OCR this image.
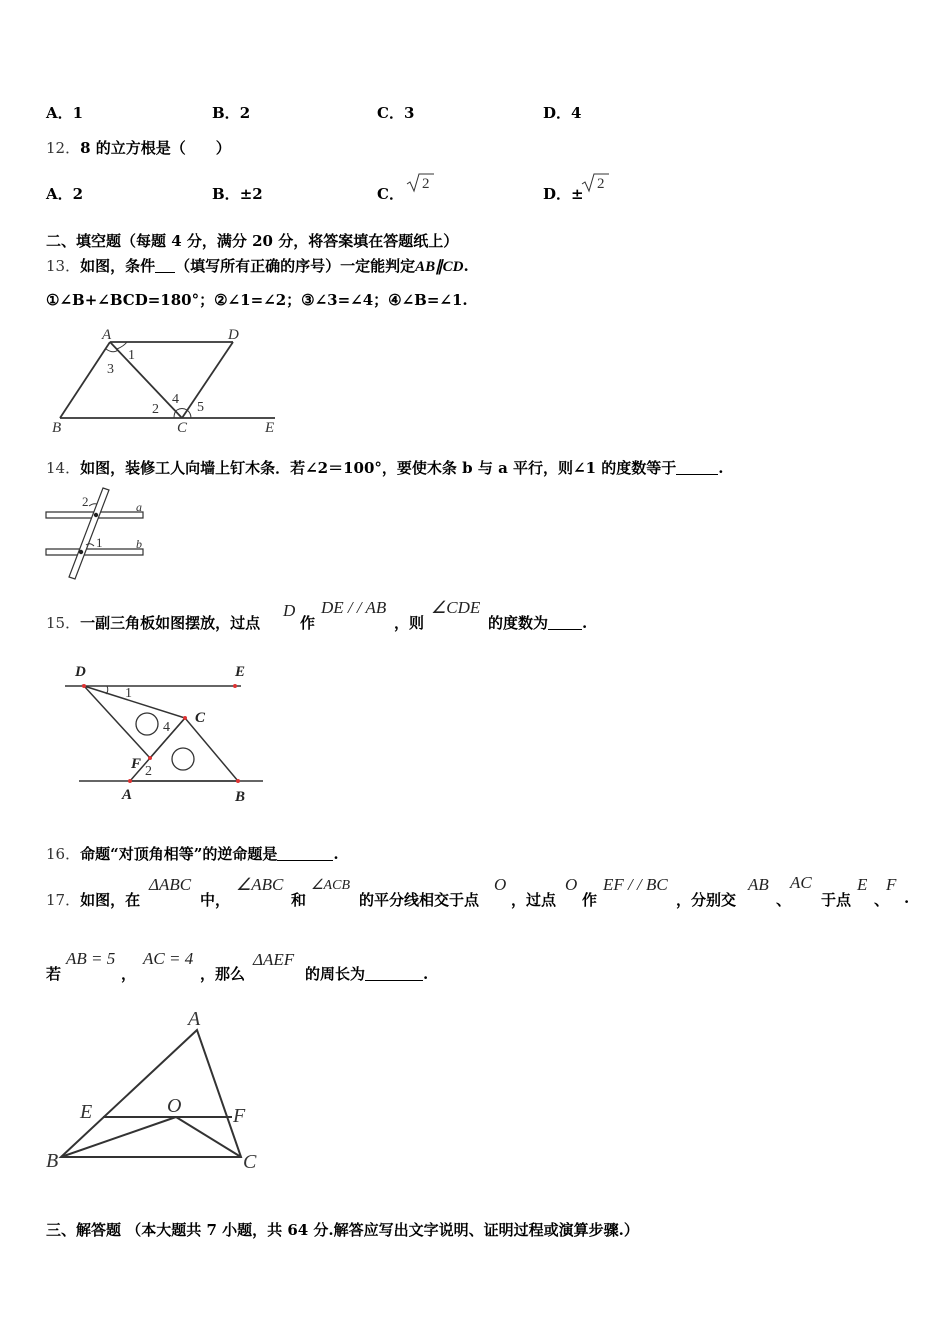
A．1	B．2	C．3	D．4
12．8 的立方根是（　　）
A．2	B．±2	C．
2
D．±
2
二、填空题（每题 4 分，满分 20 分，将答案填在答题纸上）
13．如图，条件 （填写所有正确的序号）一定能判定AB∥CD.
①∠B+∠BCD=180°；②∠1=∠2；③∠3=∠4；④∠B=∠1.
A	D
1
3
2
4
5
B	C	E
14．如图，装修工人向墙上钉木条．若∠2＝100°，要使木条 b 与 a 平行，则∠1 的度数等于	.
2	a
1	b
15．一副三角板如图摆放，过点
D
作
DE / / AB
，则
∠CDE
的度数为 .
D	E
1
4
C
F 2
A	B
16．命题“对顶角相等”的逆命题是	.
17．如图，在
ΔABC
中，
∠ABC
和
∠ACB
的平分线相交于点
O
，过点
O
作
EF / / BC
，分别交
AB
、
AC
于点
E
、
F
.
若
AB = 5
，
AC = 4
，那么
ΔAEF
的周长为	.
A
E	O	F
B	C
三、解答题 （本大题共 7 小题，共 64 分.解答应写出文字说明、证明过程或演算步骤.）
